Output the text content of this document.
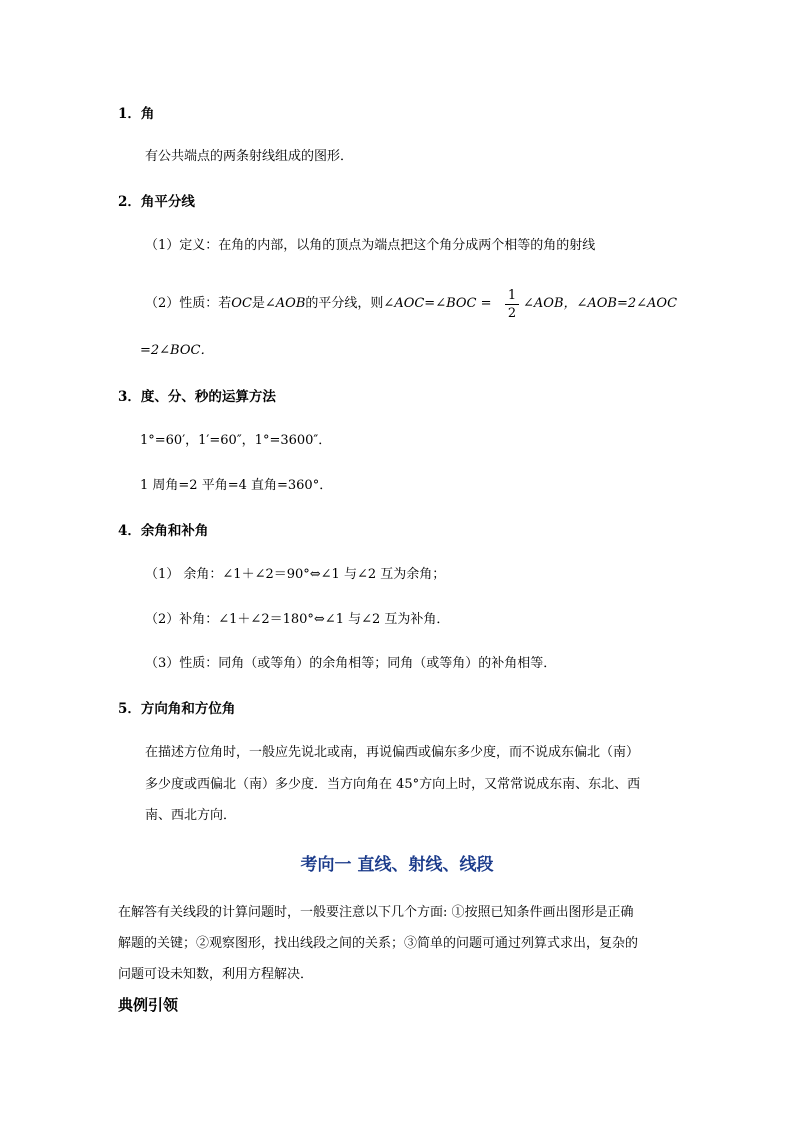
1．角
有公共端点的两条射线组成的图形．
2．角平分线
（1）定义：在角的内部，以角的顶点为端点把这个角分成两个相等的角的射线
（2）性质：若OC是∠AOB的平分线，则∠AOC=∠BOC = $\frac{1}{2}$ ∠AOB，∠AOB=2∠AOC
=2∠BOC．
3．度、分、秒的运算方法
1°=60′，1′=60″，1°=3600″．
1 周角=2 平角=4 直角=360°．
4．余角和补角
（1） 余角：∠1＋∠2＝90°⇔∠1 与∠2 互为余角；
（2）补角：∠1＋∠2＝180°⇔∠1 与∠2 互为补角．
（3）性质：同角（或等角）的余角相等；同角（或等角）的补角相等．
5．方向角和方位角
在描述方位角时，一般应先说北或南，再说偏西或偏东多少度，而不说成东偏北（南）
多少度或西偏北（南）多少度．当方向角在 45°方向上时，又常常说成东南、东北、西
南、西北方向．
考向一 直线、射线、线段
在解答有关线段的计算问题时，一般要注意以下几个方面: ①按照已知条件画出图形是正确
解题的关键；②观察图形，找出线段之间的关系；③简单的问题可通过列算式求出，复杂的
问题可设未知数，利用方程解决．
典例引领
